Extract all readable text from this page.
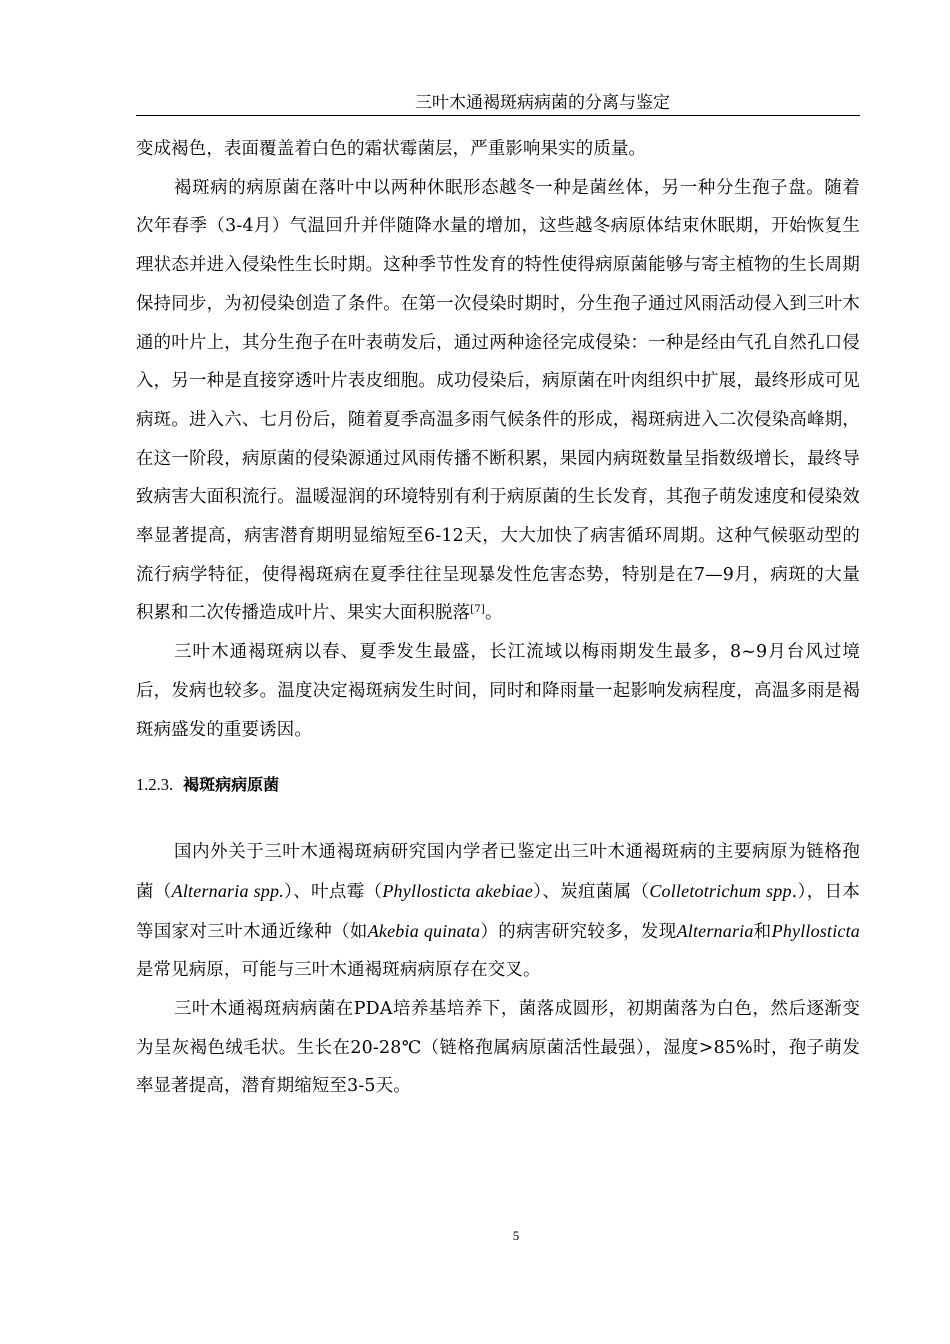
三叶木通褐斑病病菌的分离与鉴定

变成褐色，表面覆盖着白色的霜状霉菌层，严重影响果实的质量。

褐斑病的病原菌在落叶中以两种休眠形态越冬一种是菌丝体，另一种分生孢子盘。随着次年春季（3-4月）气温回升并伴随降水量的增加，这些越冬病原体结束休眠期，开始恢复生理状态并进入侵染性生长时期。这种季节性发育的特性使得病原菌能够与寄主植物的生长周期保持同步，为初侵染创造了条件。在第一次侵染时期时，分生孢子通过风雨活动侵入到三叶木通的叶片上，其分生孢子在叶表萌发后，通过两种途径完成侵染：一种是经由气孔自然孔口侵入，另一种是直接穿透叶片表皮细胞。成功侵染后，病原菌在叶肉组织中扩展，最终形成可见病斑。进入六、七月份后，随着夏季高温多雨气候条件的形成，褐斑病进入二次侵染高峰期，在这一阶段，病原菌的侵染源通过风雨传播不断积累，果园内病斑数量呈指数级增长，最终导致病害大面积流行。温暖湿润的环境特别有利于病原菌的生长发育，其孢子萌发速度和侵染效率显著提高，病害潜育期明显缩短至6-12天，大大加快了病害循环周期。这种气候驱动型的流行病学特征，使得褐斑病在夏季往往呈现暴发性危害态势，特别是在7—9月，病斑的大量积累和二次传播造成叶片、果实大面积脱落[7]。

三叶木通褐斑病以春、夏季发生最盛，长江流域以梅雨期发生最多，8~9月台风过境后，发病也较多。温度决定褐斑病发生时间，同时和降雨量一起影响发病程度，高温多雨是褐斑病盛发的重要诱因。

1.2.3. 褐斑病病原菌

国内外关于三叶木通褐斑病研究国内学者已鉴定出三叶木通褐斑病的主要病原为链格孢菌（Alternaria spp.）、叶点霉（Phyllosticta akebiae）、炭疽菌属（Colletotrichum spp.），日本等国家对三叶木通近缘种（如Akebia quinata）的病害研究较多，发现Alternaria和Phyllosticta是常见病原，可能与三叶木通褐斑病病原存在交叉。

三叶木通褐斑病病菌在PDA培养基培养下，菌落成圆形，初期菌落为白色，然后逐渐变为呈灰褐色绒毛状。生长在20-28℃（链格孢属病原菌活性最强），湿度>85%时，孢子萌发率显著提高，潜育期缩短至3-5天。

5
